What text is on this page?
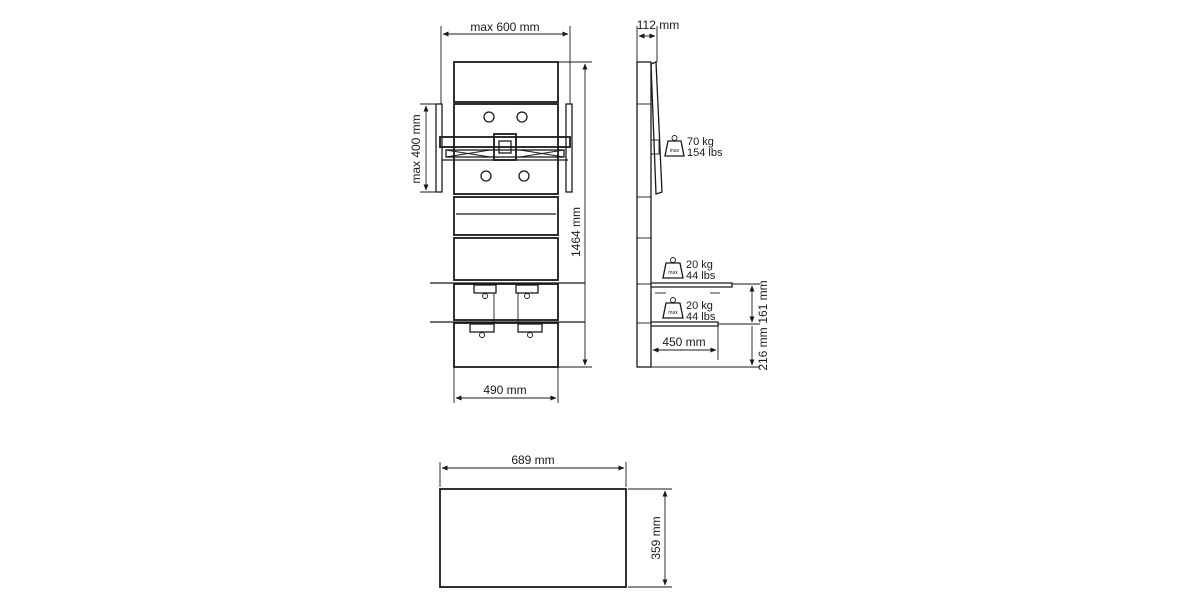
max 600 mm
max 400 mm
1464 mm
490 mm
112 mm
max
70 kg
154 lbs
max
20 kg
44 lbs
max
20 kg
44 lbs
450 mm
161 mm
216 mm
689 mm
359 mm
